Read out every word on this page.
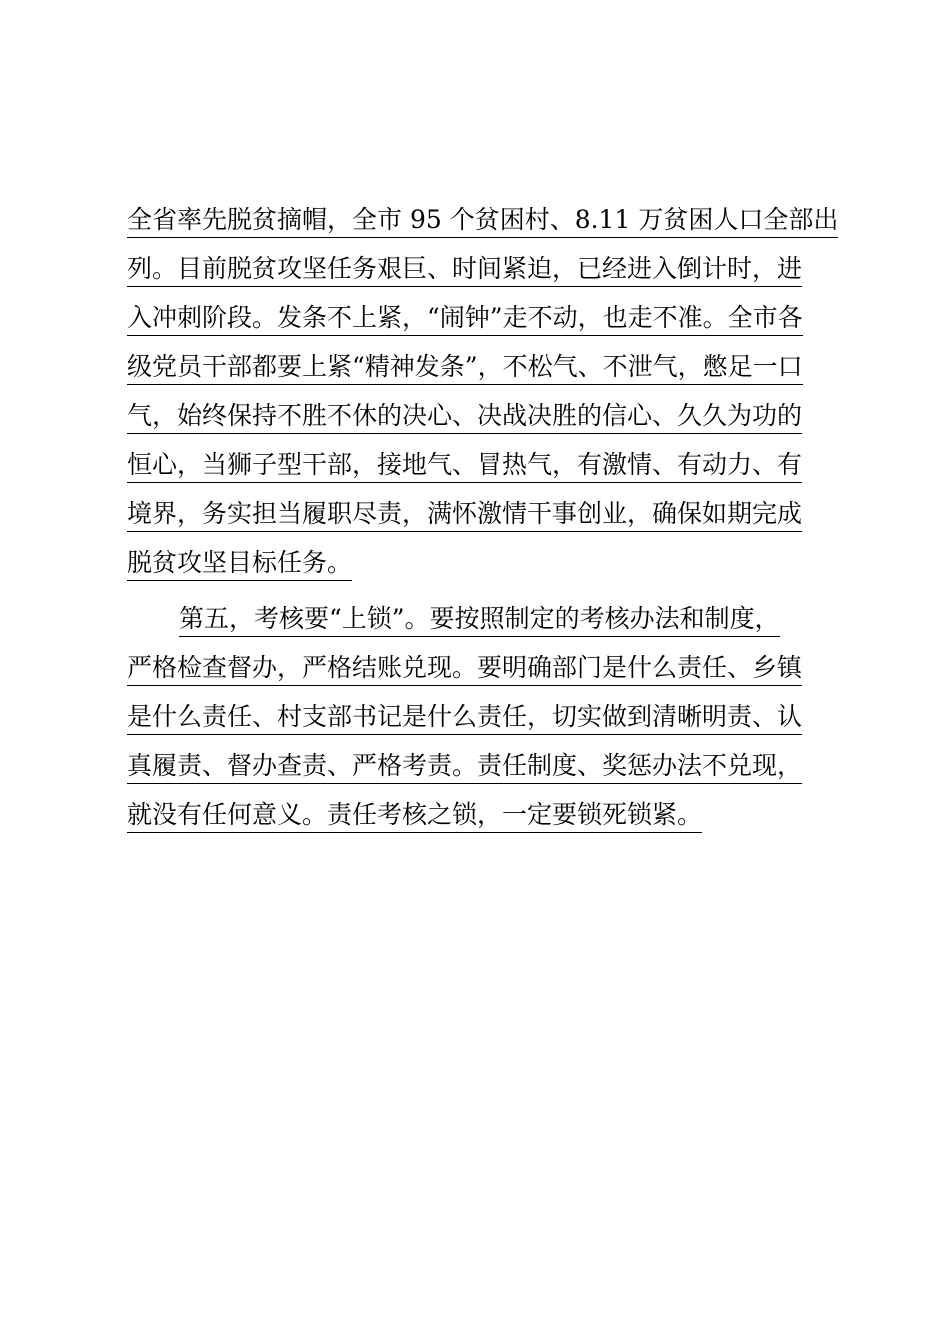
全省率先脱贫摘帽，全市 95 个贫困村、8.11 万贫困人口全部出
列。目前脱贫攻坚任务艰巨、时间紧迫，已经进入倒计时，进
入冲刺阶段。发条不上紧，“闹钟”走不动，也走不准。全市各
级党员干部都要上紧“精神发条”，不松气、不泄气，憋足一口
气，始终保持不胜不休的决心、决战决胜的信心、久久为功的
恒心，当狮子型干部，接地气、冒热气，有激情、有动力、有
境界，务实担当履职尽责，满怀激情干事创业，确保如期完成
脱贫攻坚目标任务。
第五，考核要“上锁”。要按照制定的考核办法和制度，
严格检查督办，严格结账兑现。要明确部门是什么责任、乡镇
是什么责任、村支部书记是什么责任，切实做到清晰明责、认
真履责、督办查责、严格考责。责任制度、奖惩办法不兑现，
就没有任何意义。责任考核之锁，一定要锁死锁紧。
